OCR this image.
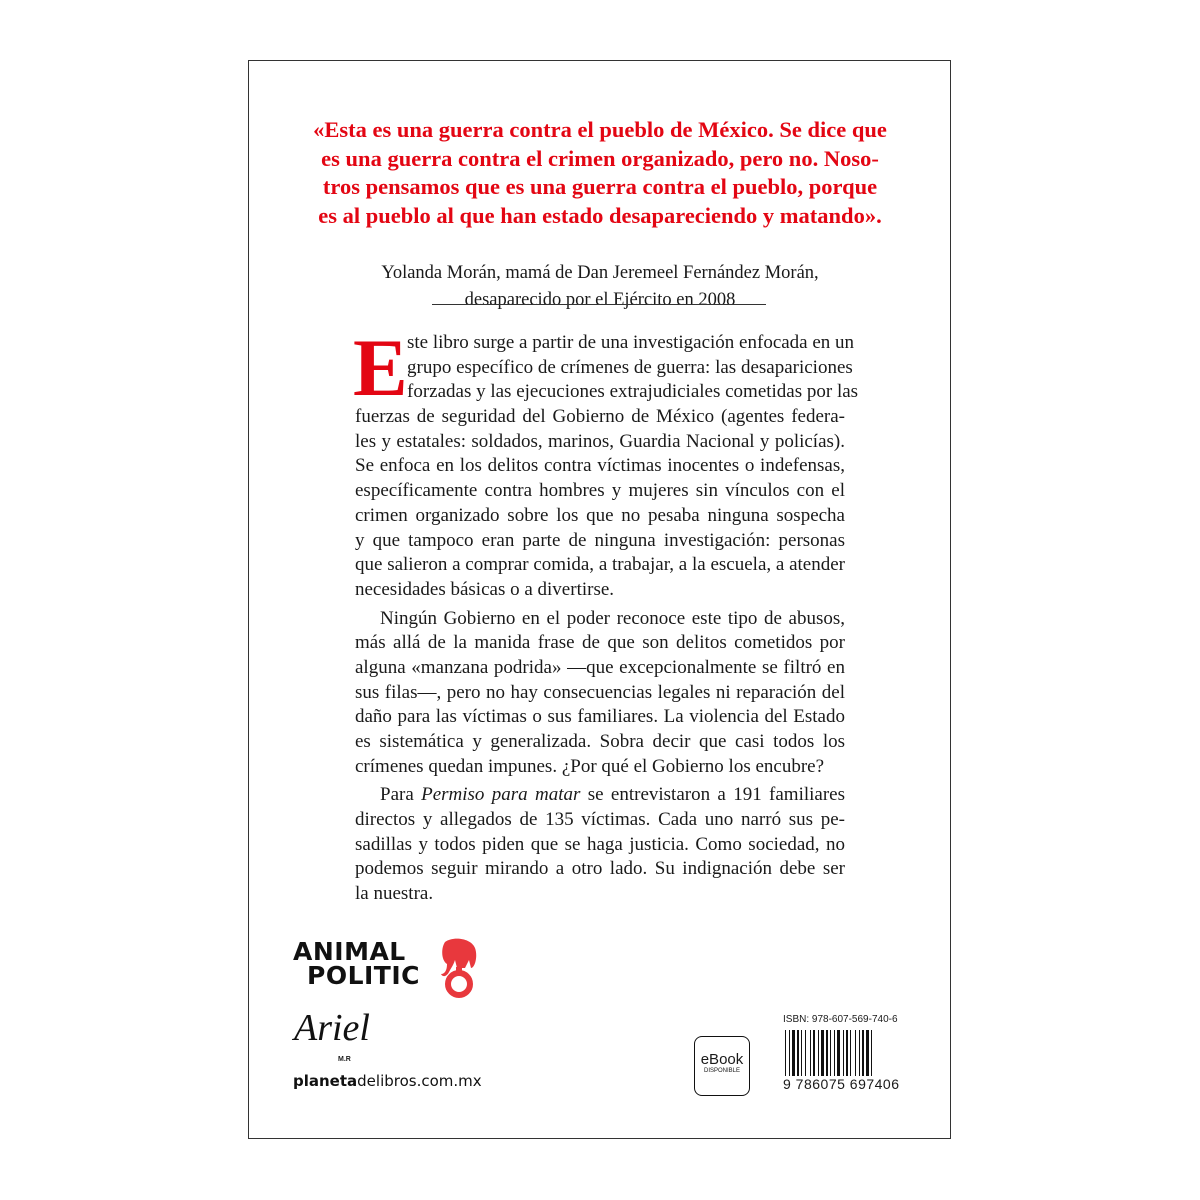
«Esta es una guerra contra el pueblo de México. Se dice que
es una guerra contra el crimen organizado, pero no. Noso-
tros pensamos que es una guerra contra el pueblo, porque
es al pueblo al que han estado desapareciendo y matando».
Yolanda Morán, mamá de Dan Jeremeel Fernández Morán,
desaparecido por el Ejército en 2008
E ste libro surge a partir de una investigación enfocada en un
grupo específico de crímenes de guerra: las desapariciones
forzadas y las ejecuciones extrajudiciales cometidas por las
fuerzas de seguridad del Gobierno de México (agentes federa-
les y estatales: soldados, marinos, Guardia Nacional y policías).
Se enfoca en los delitos contra víctimas inocentes o indefensas,
específicamente contra hombres y mujeres sin vínculos con el
crimen organizado sobre los que no pesaba ninguna sospecha
y que tampoco eran parte de ninguna investigación: personas
que salieron a comprar comida, a trabajar, a la escuela, a atender
necesidades básicas o a divertirse.
Ningún Gobierno en el poder reconoce este tipo de abusos,
más allá de la manida frase de que son delitos cometidos por
alguna «manzana podrida» —que excepcionalmente se filtró en
sus filas—, pero no hay consecuencias legales ni reparación del
daño para las víctimas o sus familiares. La violencia del Estado
es sistemática y generalizada. Sobra decir que casi todos los
crímenes quedan impunes. ¿Por qué el Gobierno los encubre?
Para Permiso para matar se entrevistaron a 191 familiares
directos y allegados de 135 víctimas. Cada uno narró sus pe-
sadillas y todos piden que se haga justicia. Como sociedad, no
podemos seguir mirando a otro lado. Su indignación debe ser
la nuestra.
ANIMAL
POLITIC
Ariel
M.R
planetadelibros.com.mx
eBook
DISPONIBLE
ISBN: 978-607-569-740-6
9 786075 697406
